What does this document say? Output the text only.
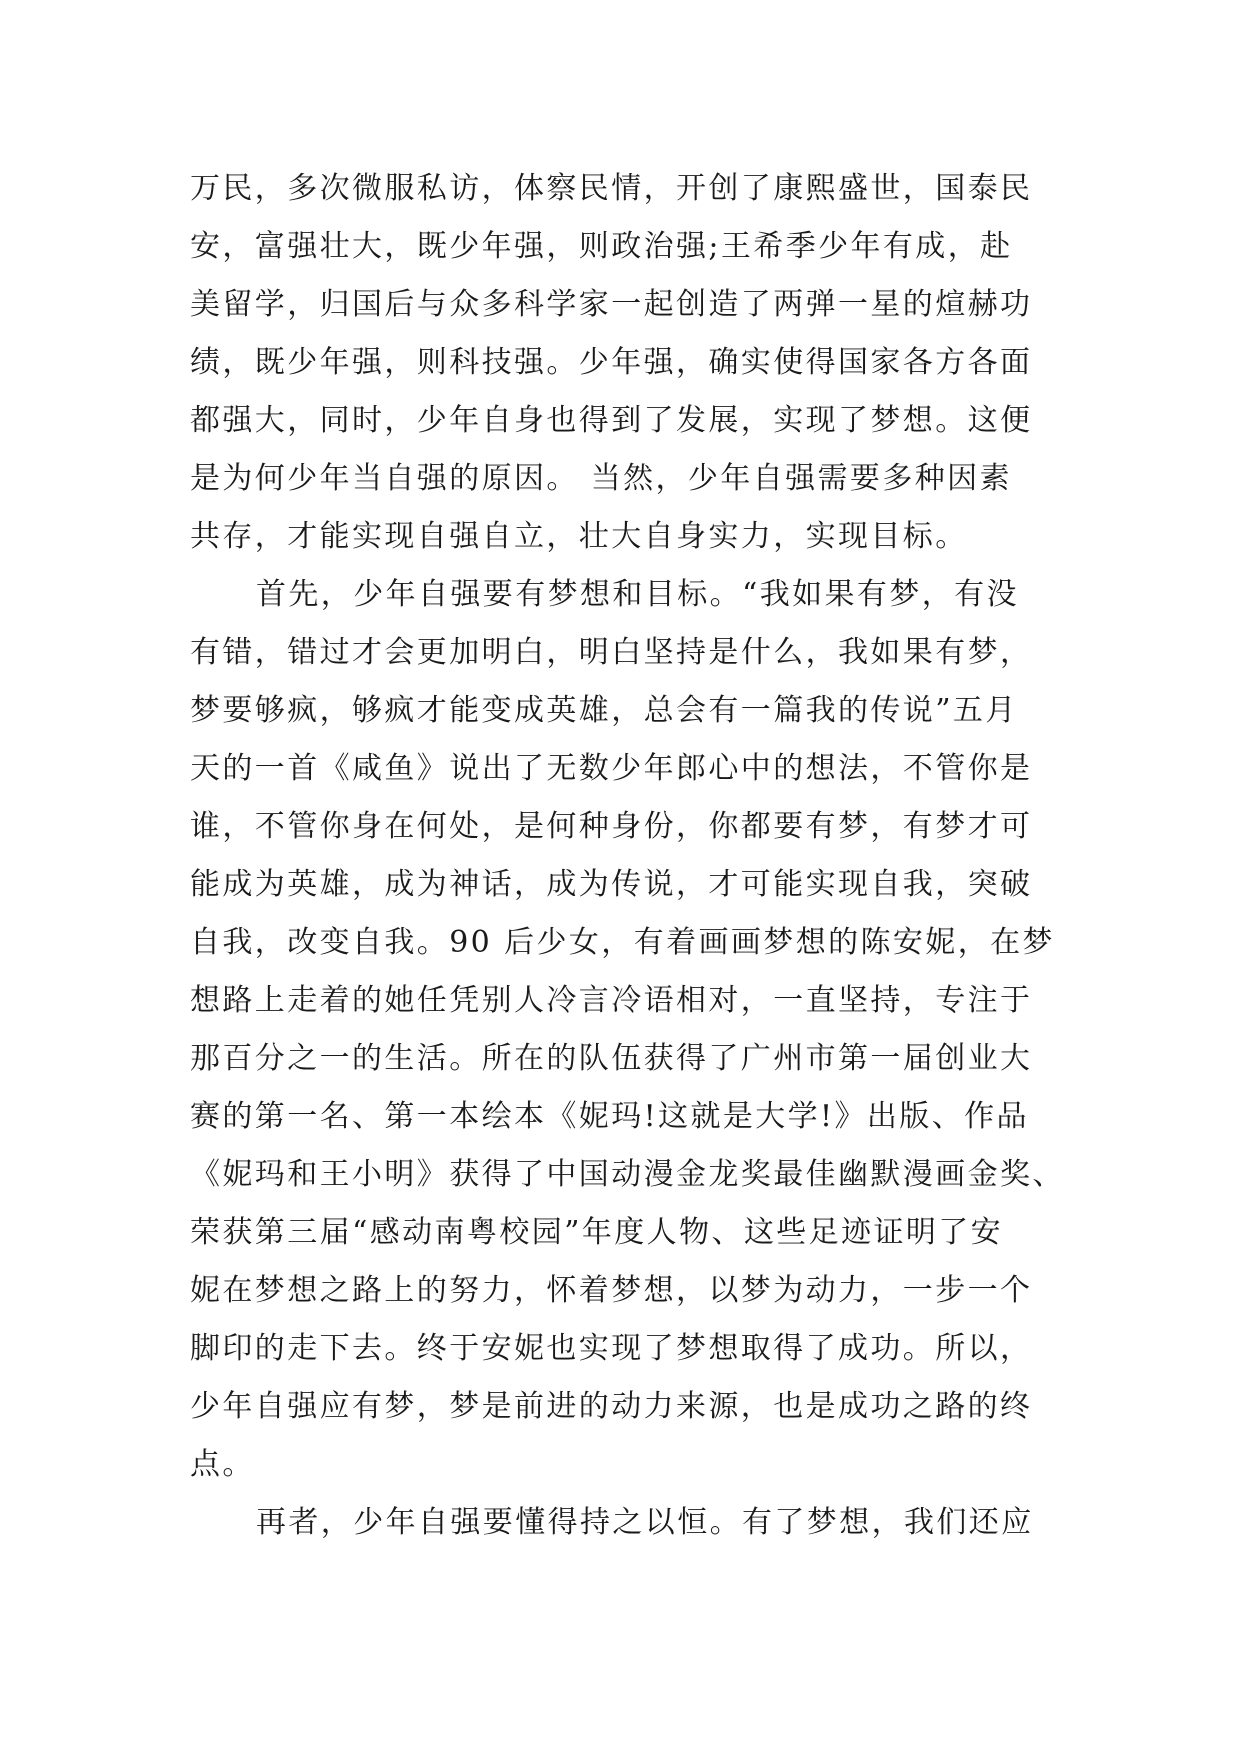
万民，多次微服私访，体察民情，开创了康熙盛世，国泰民
安，富强壮大，既少年强，则政治强;王希季少年有成，赴
美留学，归国后与众多科学家一起创造了两弹一星的煊赫功
绩，既少年强，则科技强。少年强，确实使得国家各方各面
都强大，同时，少年自身也得到了发展，实现了梦想。这便
是为何少年当自强的原因。 当然，少年自强需要多种因素
共存，才能实现自强自立，壮大自身实力，实现目标。
首先，少年自强要有梦想和目标。“我如果有梦，有没
有错，错过才会更加明白，明白坚持是什么，我如果有梦，
梦要够疯，够疯才能变成英雄，总会有一篇我的传说”五月
天的一首《咸鱼》说出了无数少年郎心中的想法，不管你是
谁，不管你身在何处，是何种身份，你都要有梦，有梦才可
能成为英雄，成为神话，成为传说，才可能实现自我，突破
自我，改变自我。90 后少女，有着画画梦想的陈安妮，在梦
想路上走着的她任凭别人冷言冷语相对，一直坚持，专注于
那百分之一的生活。所在的队伍获得了广州市第一届创业大
赛的第一名、第一本绘本《妮玛!这就是大学!》出版、作品
《妮玛和王小明》获得了中国动漫金龙奖最佳幽默漫画金奖、
荣获第三届“感动南粤校园”年度人物、这些足迹证明了安
妮在梦想之路上的努力，怀着梦想，以梦为动力，一步一个
脚印的走下去。终于安妮也实现了梦想取得了成功。所以，
少年自强应有梦，梦是前进的动力来源，也是成功之路的终
点。
再者，少年自强要懂得持之以恒。有了梦想，我们还应
